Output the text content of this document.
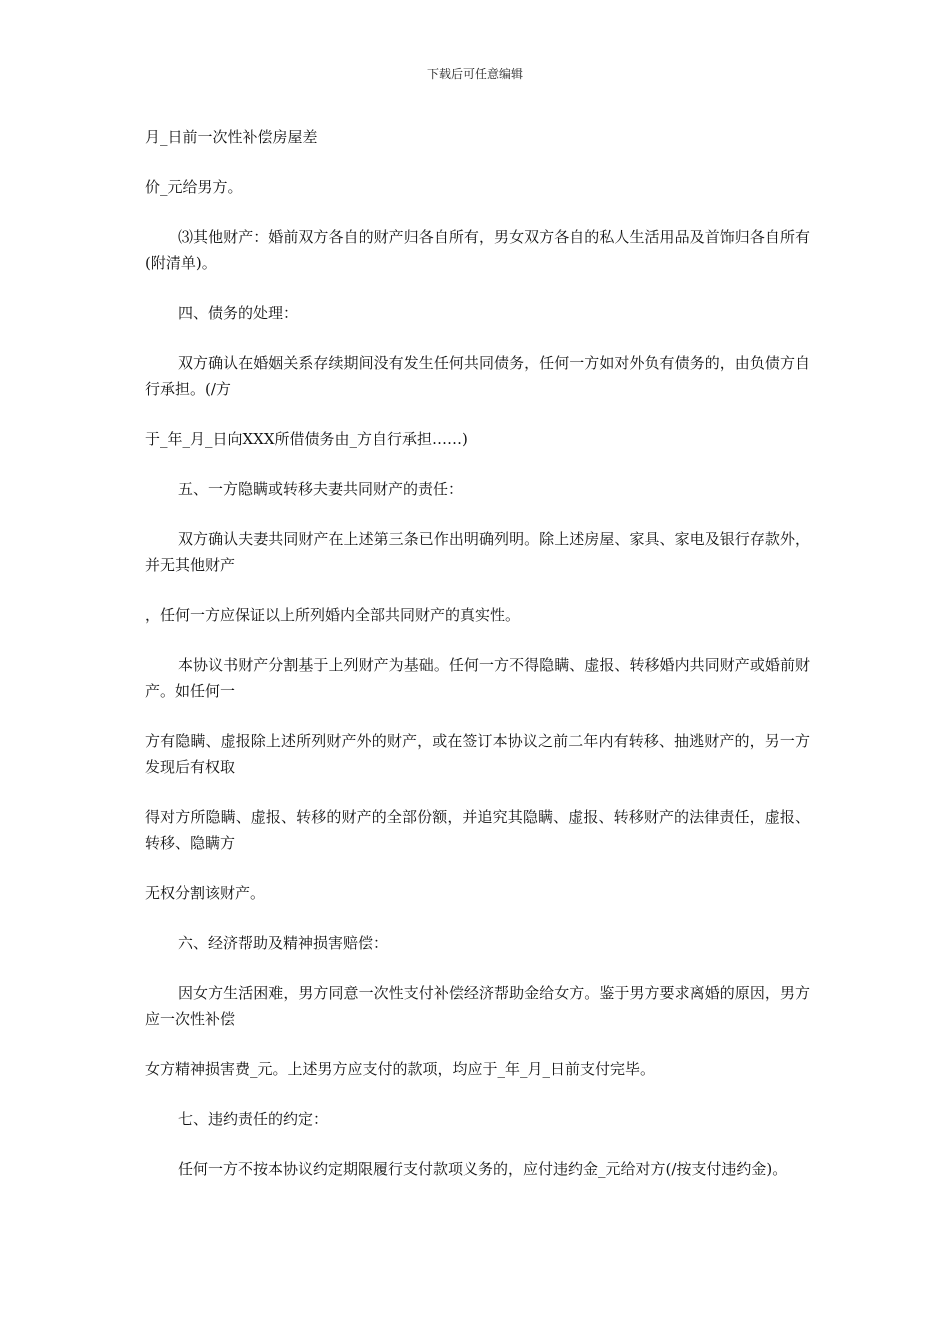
下载后可任意编辑

月_日前一次性补偿房屋差

价_元给男方。

⑶其他财产：婚前双方各自的财产归各自所有，男女双方各自的私人生活用品及首饰归各自所有(附清单)。

四、债务的处理：

双方确认在婚姻关系存续期间没有发生任何共同债务，任何一方如对外负有债务的，由负债方自行承担。(/方

于_年_月_日向XXX所借债务由_方自行承担……)

五、一方隐瞒或转移夫妻共同财产的责任：

双方确认夫妻共同财产在上述第三条已作出明确列明。除上述房屋、家具、家电及银行存款外，并无其他财产

，任何一方应保证以上所列婚内全部共同财产的真实性。

本协议书财产分割基于上列财产为基础。任何一方不得隐瞒、虚报、转移婚内共同财产或婚前财产。如任何一

方有隐瞒、虚报除上述所列财产外的财产，或在签订本协议之前二年内有转移、抽逃财产的，另一方发现后有权取

得对方所隐瞒、虚报、转移的财产的全部份额，并追究其隐瞒、虚报、转移财产的法律责任，虚报、转移、隐瞒方

无权分割该财产。

六、经济帮助及精神损害赔偿：

因女方生活困难，男方同意一次性支付补偿经济帮助金给女方。鉴于男方要求离婚的原因，男方应一次性补偿

女方精神损害费_元。上述男方应支付的款项，均应于_年_月_日前支付完毕。

七、违约责任的约定：

任何一方不按本协议约定期限履行支付款项义务的，应付违约金_元给对方(/按支付违约金)。
